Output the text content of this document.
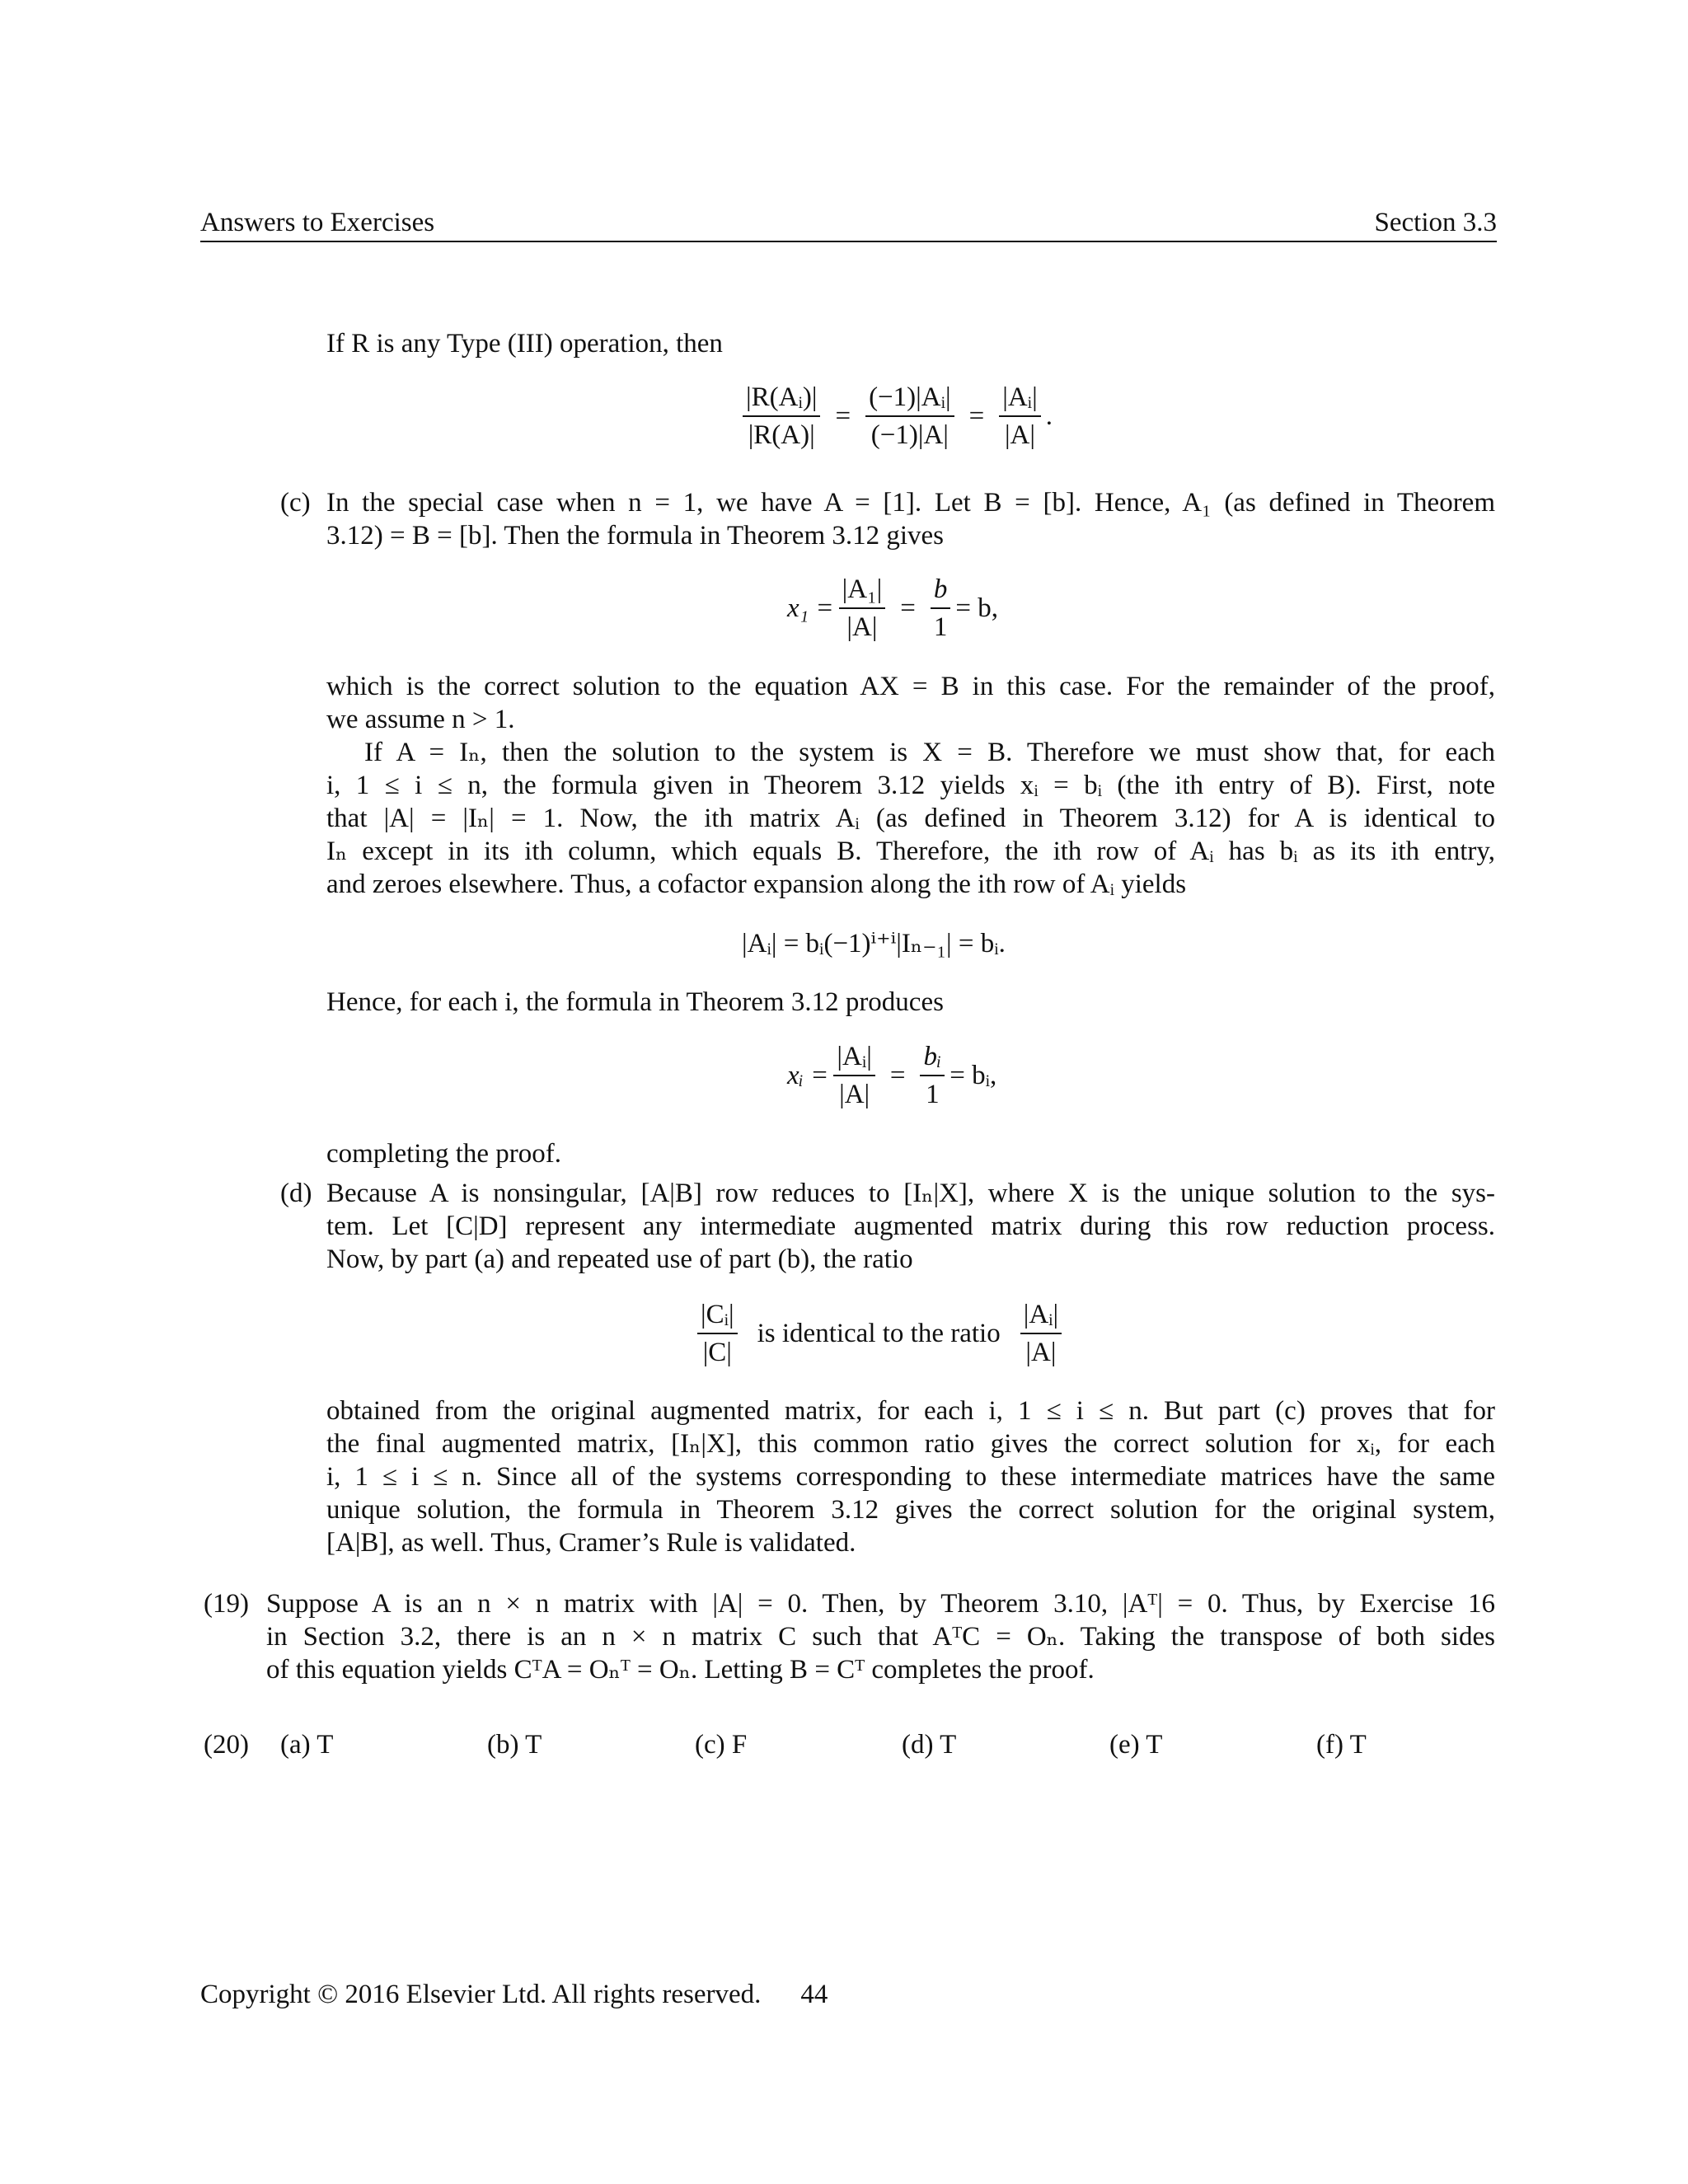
Answers to Exercises	Section 3.3
If R is any Type (III) operation, then
$\frac{\text{|R(Aᵢ)|}}{|R(A)|} = \frac{\text{(−1)|Aᵢ|}}{(-1)|A|} = \frac{\text{|Aᵢ|}}{|A|}$ .
(c) In the special case when n = 1, we have A = [1]. Let B = [b]. Hence, A₁ (as defined in Theorem
3.12) = B = [b]. Then the formula in Theorem 3.12 gives
$x_1 = \frac{\text{|A₁|}}{|A|} = \frac{b}{1} = b$,
which is the correct solution to the equation AX = B in this case. For the remainder of the proof,
we assume n > 1.
If A = Iₙ, then the solution to the system is X = B. Therefore we must show that, for each
i, 1 ≤ i ≤ n, the formula given in Theorem 3.12 yields xᵢ = bᵢ (the ith entry of B). First, note
that |A| = |Iₙ| = 1. Now, the ith matrix Aᵢ (as defined in Theorem 3.12) for A is identical to
Iₙ except in its ith column, which equals B. Therefore, the ith row of Aᵢ has bᵢ as its ith entry,
and zeroes elsewhere. Thus, a cofactor expansion along the ith row of Aᵢ yields
|Aᵢ| = bᵢ(−1)ⁱ⁺ⁱ|Iₙ₋₁| = bᵢ.
Hence, for each i, the formula in Theorem 3.12 produces
xᵢ = $\frac{\text{|Aᵢ|}}{|A|} = \frac{\text{bᵢ}}{1}$ = bᵢ,
completing the proof.
(d) Because A is nonsingular, [A|B] row reduces to [Iₙ|X], where X is the unique solution to the sys-
tem. Let [C|D] represent any intermediate augmented matrix during this row reduction process.
Now, by part (a) and repeated use of part (b), the ratio
$\frac{\text{|Cᵢ|}}{|C|}$ is identical to the ratio $\frac{\text{|Aᵢ|}}{|A|}$
obtained from the original augmented matrix, for each i, 1 ≤ i ≤ n. But part (c) proves that for
the final augmented matrix, [Iₙ|X], this common ratio gives the correct solution for xᵢ, for each
i, 1 ≤ i ≤ n. Since all of the systems corresponding to these intermediate matrices have the same
unique solution, the formula in Theorem 3.12 gives the correct solution for the original system,
[A|B], as well. Thus, Cramer’s Rule is validated.
(19) Suppose A is an n × n matrix with |A| = 0. Then, by Theorem 3.10, |Aᵀ| = 0. Thus, by Exercise 16
in Section 3.2, there is an n × n matrix C such that AᵀC = Oₙ. Taking the transpose of both sides
of this equation yields CᵀA = Oₙᵀ = Oₙ. Letting B = Cᵀ completes the proof.
(20) (a) T	(b) T	(c) F	(d) T	(e) T	(f) T
Copyright © 2016 Elsevier Ltd. All rights reserved. 44
